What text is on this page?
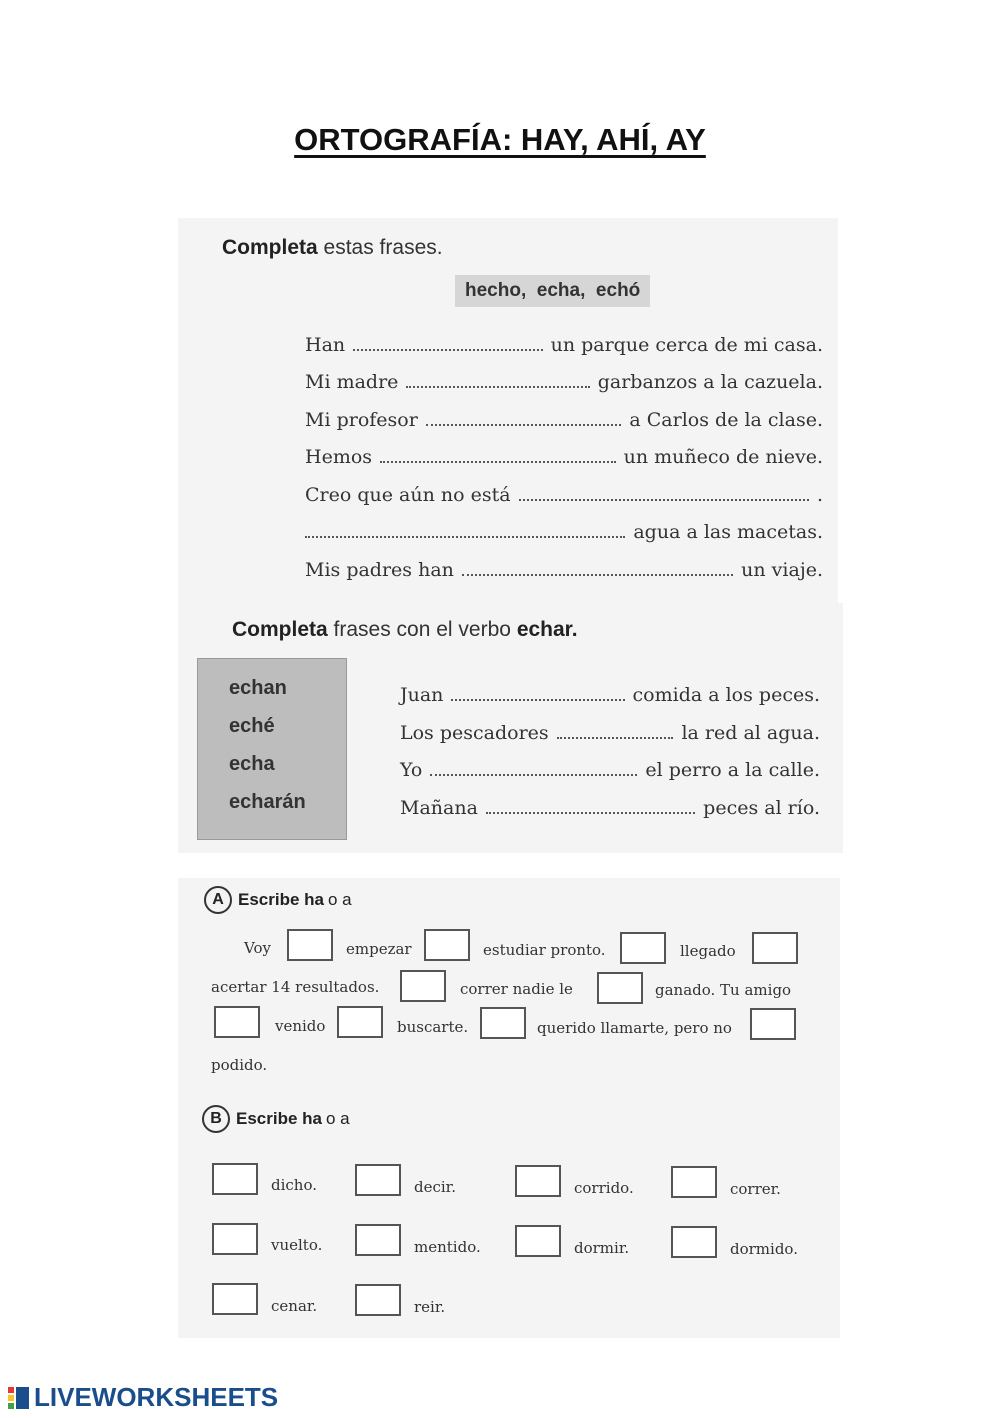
ORTOGRAFÍA: HAY, AHÍ, AY
Completa estas frases.
hecho,  echa,  echó
Han	un parque cerca de mi casa.
Mi madre	garbanzos a la cazuela.
Mi profesor	a Carlos de la clase.
Hemos	un muñeco de nieve.
Creo que aún no está	.
agua a las macetas.
Mis padres han	un viaje.
Completa frases con el verbo echar.
echan
eché
echa
echarán
Juan	comida a los peces.
Los pescadores	la red al agua.
Yo	el perro a la calle.
Mañana	peces al río.
A Escribe ha o a
Voy	empezar	estudiar pronto.	llegado
acertar 14 resultados.	correr nadie le	ganado. Tu amigo
venido	buscarte.	querido llamarte, pero no
podido.
B Escribe ha o a
dicho.	decir.	corrido.	correr.
vuelto.	mentido.	dormir.	dormido.
cenar.	reir.
LIVEWORKSHEETS
